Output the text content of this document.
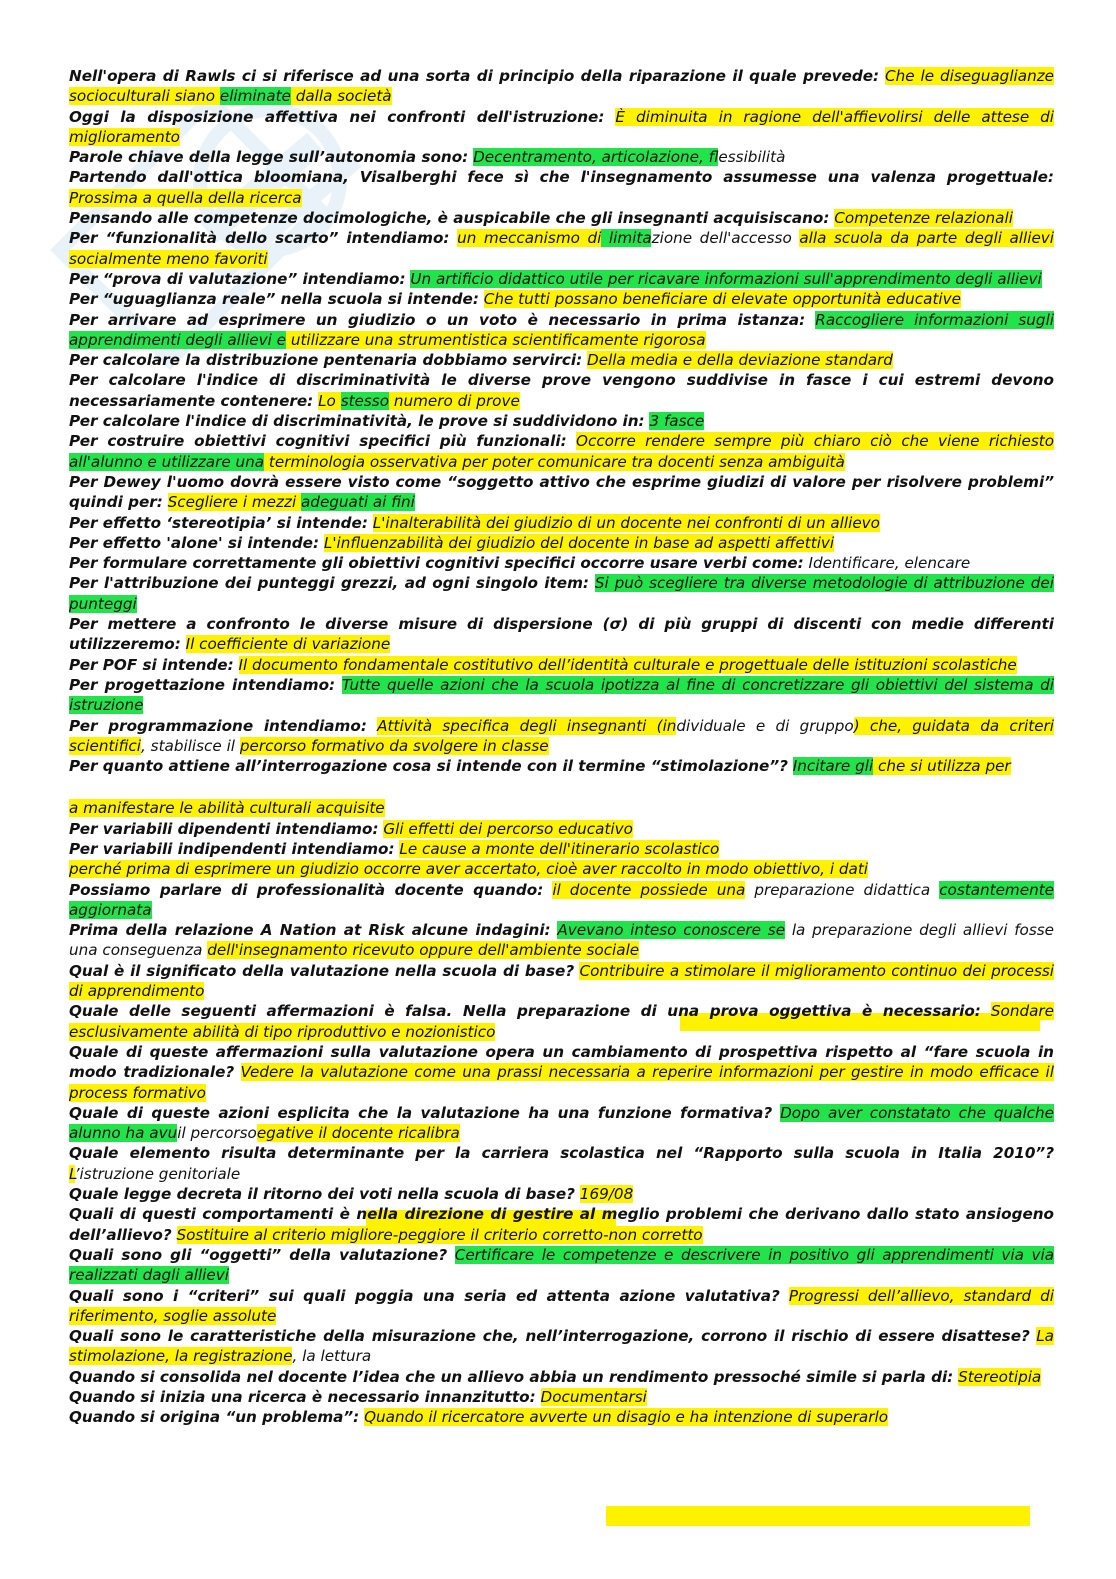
Nell'opera di Rawls ci si riferisce ad una sorta di principio della riparazione il quale prevede: Che le diseguaglianze socioculturali siano eliminate dalla società

Oggi la disposizione affettiva nei confronti dell'istruzione: È diminuita in ragione dell'affievolirsi delle attese di miglioramento

Parole chiave della legge sull’autonomia sono: Decentramento, articolazione, flessibilità

Partendo dall'ottica bloomiana, Visalberghi fece sì che l'insegnamento assumesse una valenza progettuale: Prossima a quella della ricerca

Pensando alle competenze docimologiche, è auspicabile che gli insegnanti acquisiscano: Competenze relazionali

Per “funzionalità dello scarto” intendiamo: un meccanismo di limitazione dell'accesso alla scuola da parte degli allievi socialmente meno favoriti

Per “prova di valutazione” intendiamo: Un artificio didattico utile per ricavare informazioni sull'apprendimento degli allievi

Per “uguaglianza reale” nella scuola si intende: Che tutti possano beneficiare di elevate opportunità educative

Per arrivare ad esprimere un giudizio o un voto è necessario in prima istanza: Raccogliere informazioni sugli apprendimenti degli allievi e utilizzare una strumentistica scientificamente rigorosa

Per calcolare la distribuzione pentenaria dobbiamo servirci: Della media e della deviazione standard

Per calcolare l'indice di discriminatività le diverse prove vengono suddivise in fasce i cui estremi devono necessariamente contenere: Lo stesso numero di prove

Per calcolare l'indice di discriminatività, le prove si suddividono in: 3 fasce

Per costruire obiettivi cognitivi specifici più funzionali: Occorre rendere sempre più chiaro ciò che viene richiesto all'alunno e utilizzare una terminologia osservativa per poter comunicare tra docenti senza ambiguità

Per Dewey l'uomo dovrà essere visto come “soggetto attivo che esprime giudizi di valore per risolvere problemi” quindi per: Scegliere i mezzi adeguati ai fini

Per effetto ‘stereotipia’ si intende: L'inalterabilità dei giudizio di un docente nei confronti di un allievo

Per effetto 'alone' si intende: L'influenzabilità dei giudizio del docente in base ad aspetti affettivi

Per formulare correttamente gli obiettivi cognitivi specifici occorre usare verbi come: Identificare, elencare

Per l'attribuzione dei punteggi grezzi, ad ogni singolo item: Si può scegliere tra diverse metodologie di attribuzione dei punteggi

Per mettere a confronto le diverse misure di dispersione (σ) di più gruppi di discenti con medie differenti utilizzeremo: Il coefficiente di variazione

Per POF si intende: Il documento fondamentale costitutivo dell’identità culturale e progettuale delle istituzioni scolastiche

Per progettazione intendiamo: Tutte quelle azioni che la scuola ipotizza al fine di concretizzare gli obiettivi del sistema di istruzione

Per programmazione intendiamo: Attività specifica degli insegnanti (individuale e di gruppo) che, guidata da criteri scientifici, stabilisce il percorso formativo da svolgere in classe

Per quanto attiene all’interrogazione cosa si intende con il termine “stimolazione”? Incitare gli che si utilizza per

a manifestare le abilità culturali acquisite

Per variabili dipendenti intendiamo: Gli effetti dei percorso educativo

Per variabili indipendenti intendiamo: Le cause a monte dell'itinerario scolastico

perché prima di esprimere un giudizio occorre aver accertato, cioè aver raccolto in modo obiettivo, i dati

Possiamo parlare di professionalità docente quando: il docente possiede una preparazione didattica costantemente aggiornata

Prima della relazione A Nation at Risk alcune indagini: Avevano inteso conoscere se la preparazione degli allievi fosse una conseguenza dell'insegnamento ricevuto oppure dell'ambiente sociale

Qual è il significato della valutazione nella scuola di base? Contribuire a stimolare il miglioramento continuo dei processi di apprendimento

Quale delle seguenti affermazioni è falsa. Nella preparazione di una prova oggettiva è necessario: Sondare esclusivamente abilità di tipo riproduttivo e nozionistico

Quale di queste affermazioni sulla valutazione opera un cambiamento di prospettiva rispetto al “fare scuola in modo tradizionale? Vedere la valutazione come una prassi necessaria a reperire informazioni per gestire in modo efficace il process formativo

Quale di queste azioni esplicita che la valutazione ha una funzione formativa? Dopo aver constatato che qualche alunno ha avuil percorsoegative il docente ricalibra

Quale elemento risulta determinante per la carriera scolastica nel “Rapporto sulla scuola in Italia 2010”? L’istruzione genitoriale

Quale legge decreta il ritorno dei voti nella scuola di base? 169/08

Quali di questi comportamenti è nella direzione di gestire al meglio problemi che derivano dallo stato ansiogeno dell’allievo? Sostituire al criterio migliore-peggiore il criterio corretto-non corretto

Quali sono gli “oggetti” della valutazione? Certificare le competenze e descrivere in positivo gli apprendimenti via via realizzati dagli allievi

Quali sono i “criteri” sui quali poggia una seria ed attenta azione valutativa? Progressi dell’allievo, standard di riferimento, soglie assolute

Quali sono le caratteristiche della misurazione che, nell’interrogazione, corrono il rischio di essere disattese? La stimolazione, la registrazione, la lettura

Quando si consolida nel docente l’idea che un allievo abbia un rendimento pressoché simile si parla di: Stereotipia

Quando si inizia una ricerca è necessario innanzitutto: Documentarsi

Quando si origina “un problema”: Quando il ricercatore avverte un disagio e ha intenzione di superarlo
